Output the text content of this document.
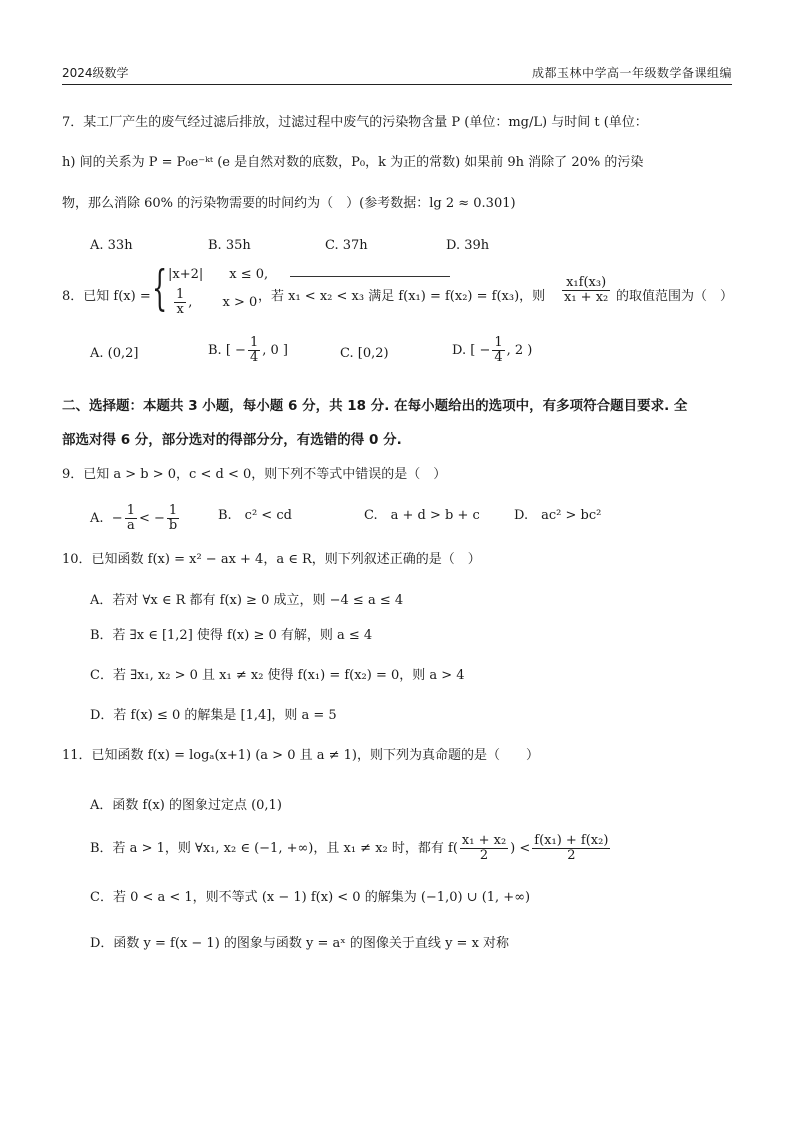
2024级数学	成都玉林中学高一年级数学备课组编
7．某工厂产生的废气经过滤后排放，过滤过程中废气的污染物含量 P (单位：mg/L) 与时间 t (单位：
h) 间的关系为 P = P₀e⁻ᵏᵗ (e 是自然对数的底数，P₀，k 为正的常数) 如果前 9h 消除了 20% 的污染
物，那么消除 60% 的污染物需要的时间约为（　）(参考数据：lg 2 ≈ 0.301)
A. 33h	B. 35h	C. 37h	D. 39h
8．已知 f(x) = { |x+2|　　x ≤ 0,
$\frac{1}{x}$ , x > 0 ，若 x₁ < x₂ < x₃ 满足 f(x₁) = f(x₂) = f(x₃)，则 $\frac{\text{x₁f(x₃)}}{\text{x₁ + x₂}}$ 的取值范围为（　）
A. (0,2]	B. [ − $\frac{1}{4}$ , 0 ]	C. [0,2)	D. [ − $\frac{1}{4}$ , 2 )
二、选择题：本题共 3 小题，每小题 6 分，共 18 分. 在每小题给出的选项中，有多项符合题目要求. 全
部选对得 6 分，部分选对的得部分分，有选错的得 0 分.
9．已知 a > b > 0，c < d < 0，则下列不等式中错误的是（　）
A.  − $\frac{1}{a}$ < − $\frac{1}{b}$	B.　c² < cd	C.　a + d > b + c	D.　ac² > bc²
10．已知函数 f(x) = x² − ax + 4，a ∈ R，则下列叙述正确的是（　）
A．若对 ∀x ∈ R 都有 f(x) ≥ 0 成立，则 −4 ≤ a ≤ 4
B．若 ∃x ∈ [1,2] 使得 f(x) ≥ 0 有解，则 a ≤ 4
C．若 ∃x₁, x₂ > 0 且 x₁ ≠ x₂ 使得 f(x₁) = f(x₂) = 0，则 a > 4
D．若 f(x) ≤ 0 的解集是 [1,4]，则 a = 5
11．已知函数 f(x) = logₐ(x+1) (a > 0 且 a ≠ 1)，则下列为真命题的是（　　）
A．函数 f(x) 的图象过定点 (0,1)
B．若 a > 1，则 ∀x₁, x₂ ∈ (−1, +∞)，且 x₁ ≠ x₂ 时，都有 $f( \frac{\text{x₁ + x₂}}{2}$ ) < $\frac{\text{f(x₁) + f(x₂)}}{2}$
C．若 0 < a < 1，则不等式 (x − 1) f(x) < 0 的解集为 (−1,0) ∪ (1, +∞)
D．函数 y = f(x − 1) 的图象与函数 y = aˣ 的图像关于直线 y = x 对称
